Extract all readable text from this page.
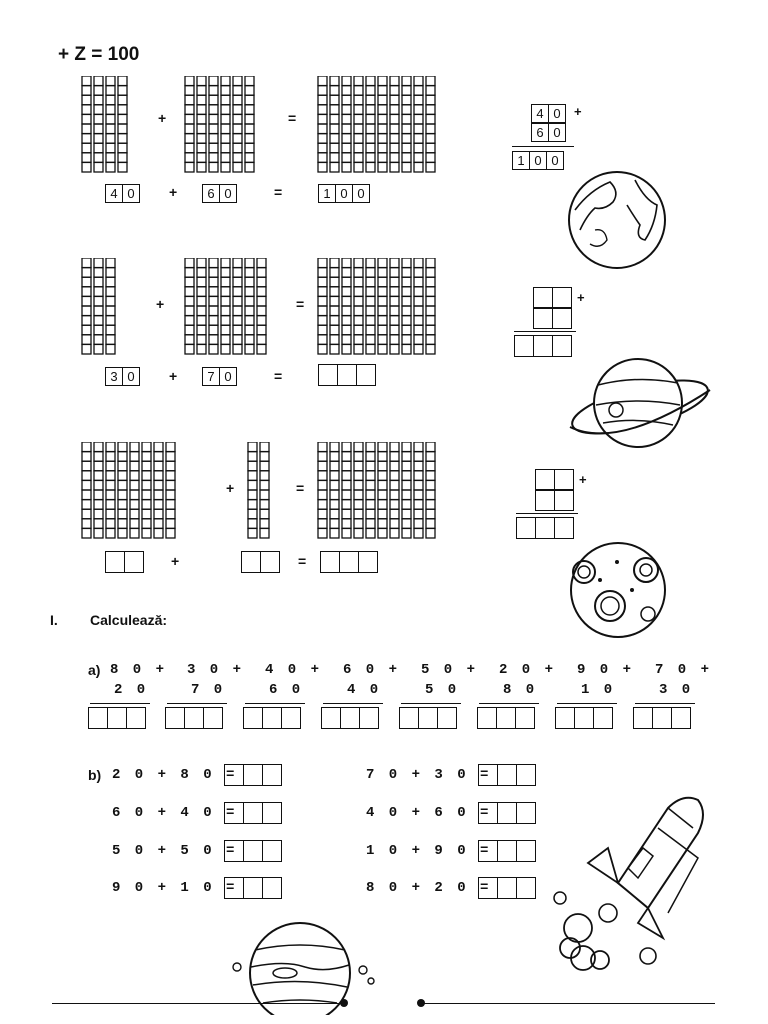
+ Z = 100
+	=
4 0	+	6 0	=	1 0 0
4 0	+
6 0
1 0 0
+	=
3 0	+	7 0	=
+
+	=
+	=
+
I. Calculează:
a) 8 0 +
2 0
3 0 +
7 0
4 0 +
6 0
6 0 +
4 0
5 0 +
5 0
2 0 +
8 0
9 0 +
1 0
7 0 +
3 0
b) 2 0 + 8 0 =
6 0 + 4 0 =
5 0 + 5 0 =
9 0 + 1 0 =
7 0 + 3 0 =
4 0 + 6 0 =
1 0 + 9 0 =
8 0 + 2 0 =
